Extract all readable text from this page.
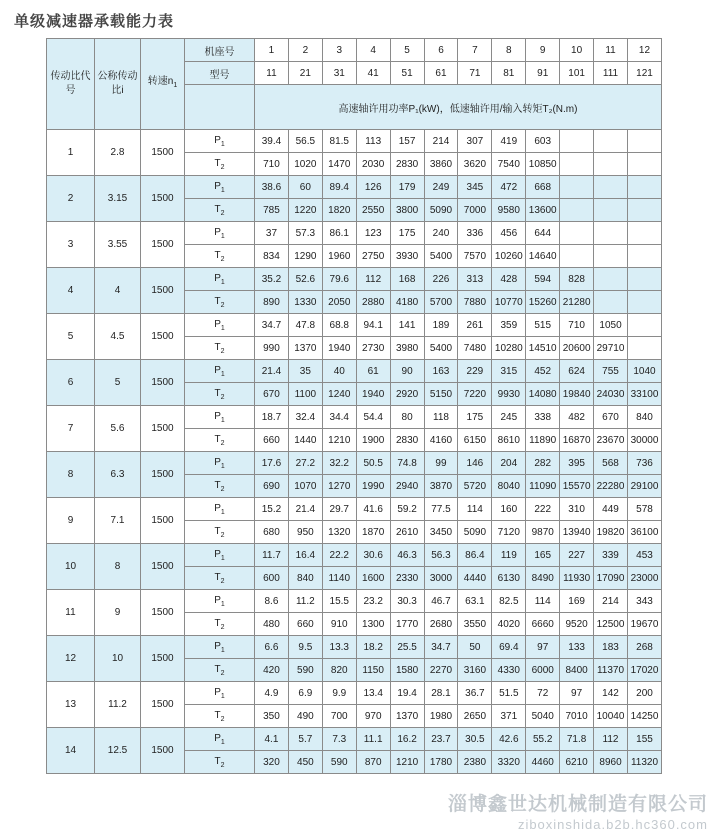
单级减速器承载能力表
传动比代号	公称传动比i	转速$n_1$	机座号	1	2	3	4	5	6	7	8	9	10	11	12
			型号	11	21	31	41	51	61	71	81	91	101	111	121
				高速轴许用功率P₁(kW)，低速轴许用/输入转矩T₂(N.m)											
1	2.8	1500	$P_1$	39.4	56.5	81.5	113	157	214	307	419	603			
			$T_2$	710	1020	1470	2030	2830	3860	3620	7540	10850			
2	3.15	1500	$P_1$	38.6	60	89.4	126	179	249	345	472	668			
			$T_2$	785	1220	1820	2550	3800	5090	7000	9580	13600			
3	3.55	1500	$P_1$	37	57.3	86.1	123	175	240	336	456	644			
			$T_2$	834	1290	1960	2750	3930	5400	7570	10260	14640			
4	4	1500	$P_1$	35.2	52.6	79.6	112	168	226	313	428	594	828		
			$T_2$	890	1330	2050	2880	4180	5700	7880	10770	15260	21280		
5	4.5	1500	$P_1$	34.7	47.8	68.8	94.1	141	189	261	359	515	710	1050	
			$T_2$	990	1370	1940	2730	3980	5400	7480	10280	14510	20600	29710	
6	5	1500	$P_1$	21.4	35	40	61	90	163	229	315	452	624	755	1040
			$T_2$	670	1100	1240	1940	2920	5150	7220	9930	14080	19840	24030	33100
7	5.6	1500	$P_1$	18.7	32.4	34.4	54.4	80	118	175	245	338	482	670	840
			$T_2$	660	1440	1210	1900	2830	4160	6150	8610	11890	16870	23670	30000
8	6.3	1500	$P_1$	17.6	27.2	32.2	50.5	74.8	99	146	204	282	395	568	736
			$T_2$	690	1070	1270	1990	2940	3870	5720	8040	11090	15570	22280	29100
9	7.1	1500	$P_1$	15.2	21.4	29.7	41.6	59.2	77.5	114	160	222	310	449	578
			$T_2$	680	950	1320	1870	2610	3450	5090	7120	9870	13940	19820	36100
10	8	1500	$P_1$	11.7	16.4	22.2	30.6	46.3	56.3	86.4	119	165	227	339	453
			$T_2$	600	840	1140	1600	2330	3000	4440	6130	8490	11930	17090	23000
11	9	1500	$P_1$	8.6	11.2	15.5	23.2	30.3	46.7	63.1	82.5	114	169	214	343
			$T_2$	480	660	910	1300	1770	2680	3550	4020	6660	9520	12500	19670
12	10	1500	$P_1$	6.6	9.5	13.3	18.2	25.5	34.7	50	69.4	97	133	183	268
			$T_2$	420	590	820	1150	1580	2270	3160	4330	6000	8400	11370	17020
13	11.2	1500	$P_1$	4.9	6.9	9.9	13.4	19.4	28.1	36.7	51.5	72	97	142	200
			$T_2$	350	490	700	970	1370	1980	2650	371	5040	7010	10040	14250
14	12.5	1500	$P_1$	4.1	5.7	7.3	11.1	16.2	23.7	30.5	42.6	55.2	71.8	112	155
			$T_2$	320	450	590	870	1210	1780	2380	3320	4460	6210	8960	11320
淄博鑫世达机械制造有限公司
ziboxinshida.b2b.hc360.com
